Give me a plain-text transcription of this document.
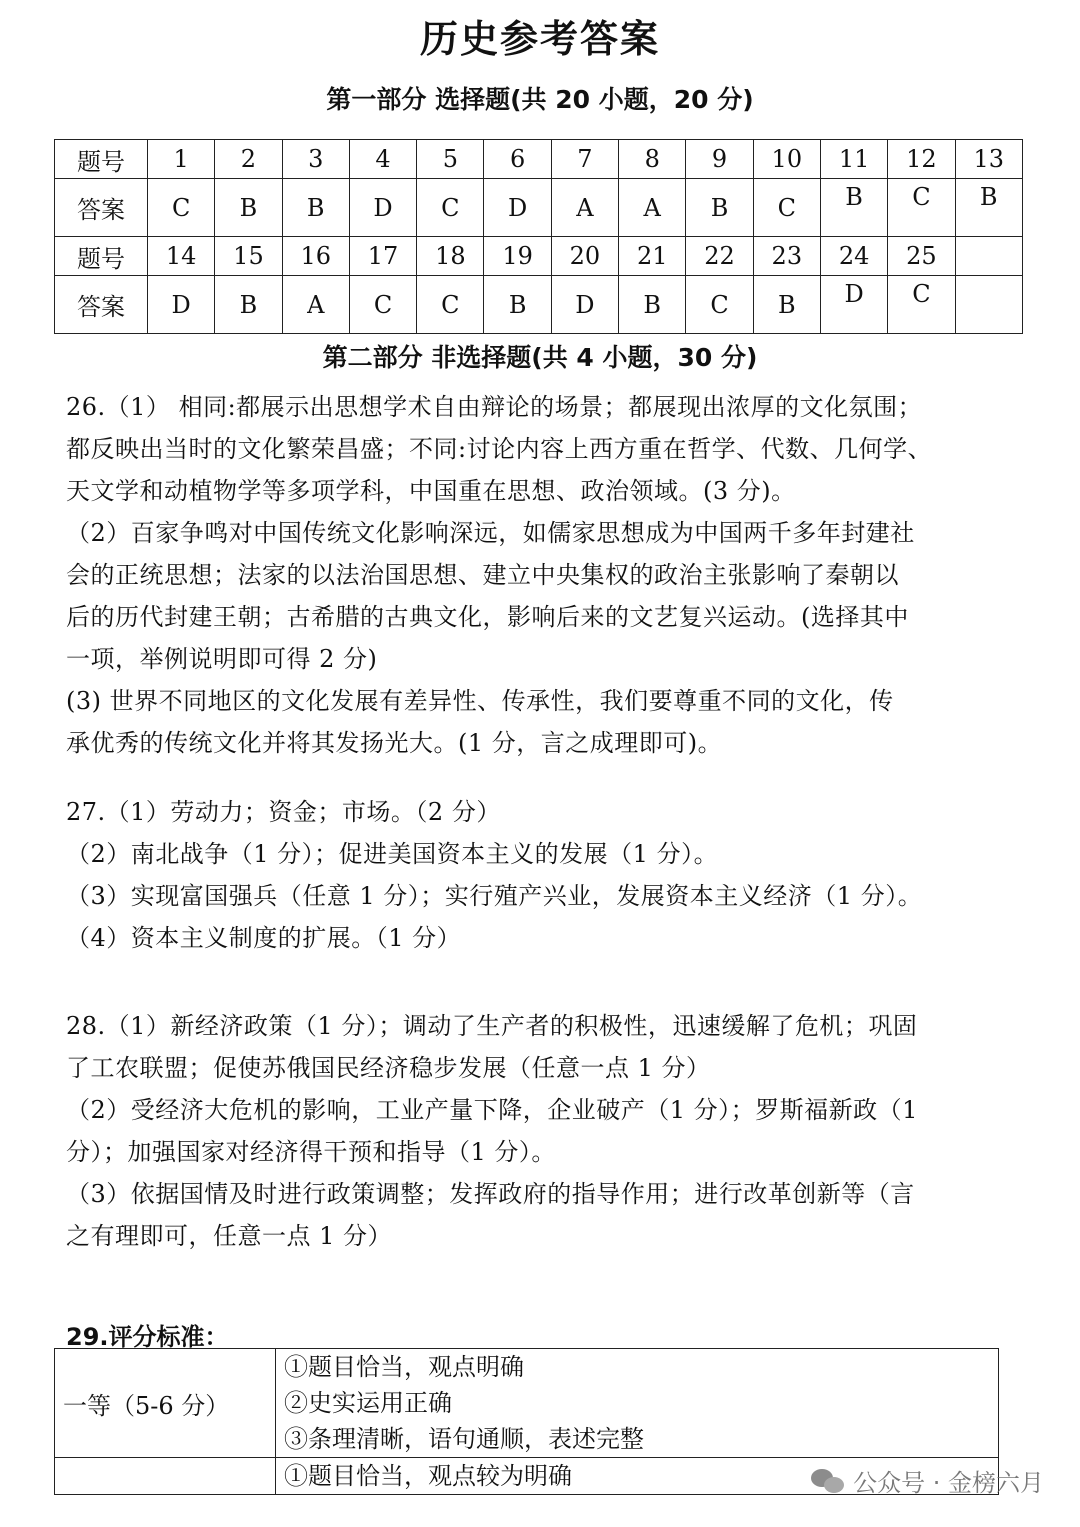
历史参考答案
第一部分 选择题(共 20 小题，20 分)
题号	1	2	3	4	5	6	7	8	9	10	11	12	13
答案	C	B	B	D	C	D	A	A	B	C	B	C	B
题号	14	15	16	17	18	19	20	21	22	23	24	25	
答案	D	B	A	C	C	B	D	B	C	B	D	C	
第二部分 非选择题(共 4 小题，30 分)

26.（1） 相同:都展示出思想学术自由辩论的场景；都展现出浓厚的文化氛围；

都反映出当时的文化繁荣昌盛；不同:讨论内容上西方重在哲学、代数、几何学、

天文学和动植物学等多项学科，中国重在思想、政治领域。(3 分)。

（2）百家争鸣对中国传统文化影响深远，如儒家思想成为中国两千多年封建社

会的正统思想；法家的以法治国思想、建立中央集权的政治主张影响了秦朝以

后的历代封建王朝；古希腊的古典文化，影响后来的文艺复兴运动。(选择其中

一项，举例说明即可得 2 分)

(3) 世界不同地区的文化发展有差异性、传承性，我们要尊重不同的文化，传

承优秀的传统文化并将其发扬光大。(1 分，言之成理即可)。

27.（1）劳动力；资金；市场。（2 分）

（2）南北战争（1 分）；促进美国资本主义的发展（1 分）。

（3）实现富国强兵（任意 1 分）；实行殖产兴业，发展资本主义经济（1 分）。

（4）资本主义制度的扩展。（1 分）

28.（1）新经济政策（1 分）；调动了生产者的积极性，迅速缓解了危机；巩固

了工农联盟；促使苏俄国民经济稳步发展（任意一点 1 分）

（2）受经济大危机的影响，工业产量下降，企业破产（1 分）；罗斯福新政（1

分）；加强国家对经济得干预和指导（1 分）。

（3）依据国情及时进行政策调整；发挥政府的指导作用；进行改革创新等（言

之有理即可，任意一点 1 分）

29.评分标准：
一等（5-6 分）	①题目恰当，观点明确
②史实运用正确
③条理清晰，语句通顺，表述完整

	①题目恰当，观点较为明确	公众号 · 金榜六月
